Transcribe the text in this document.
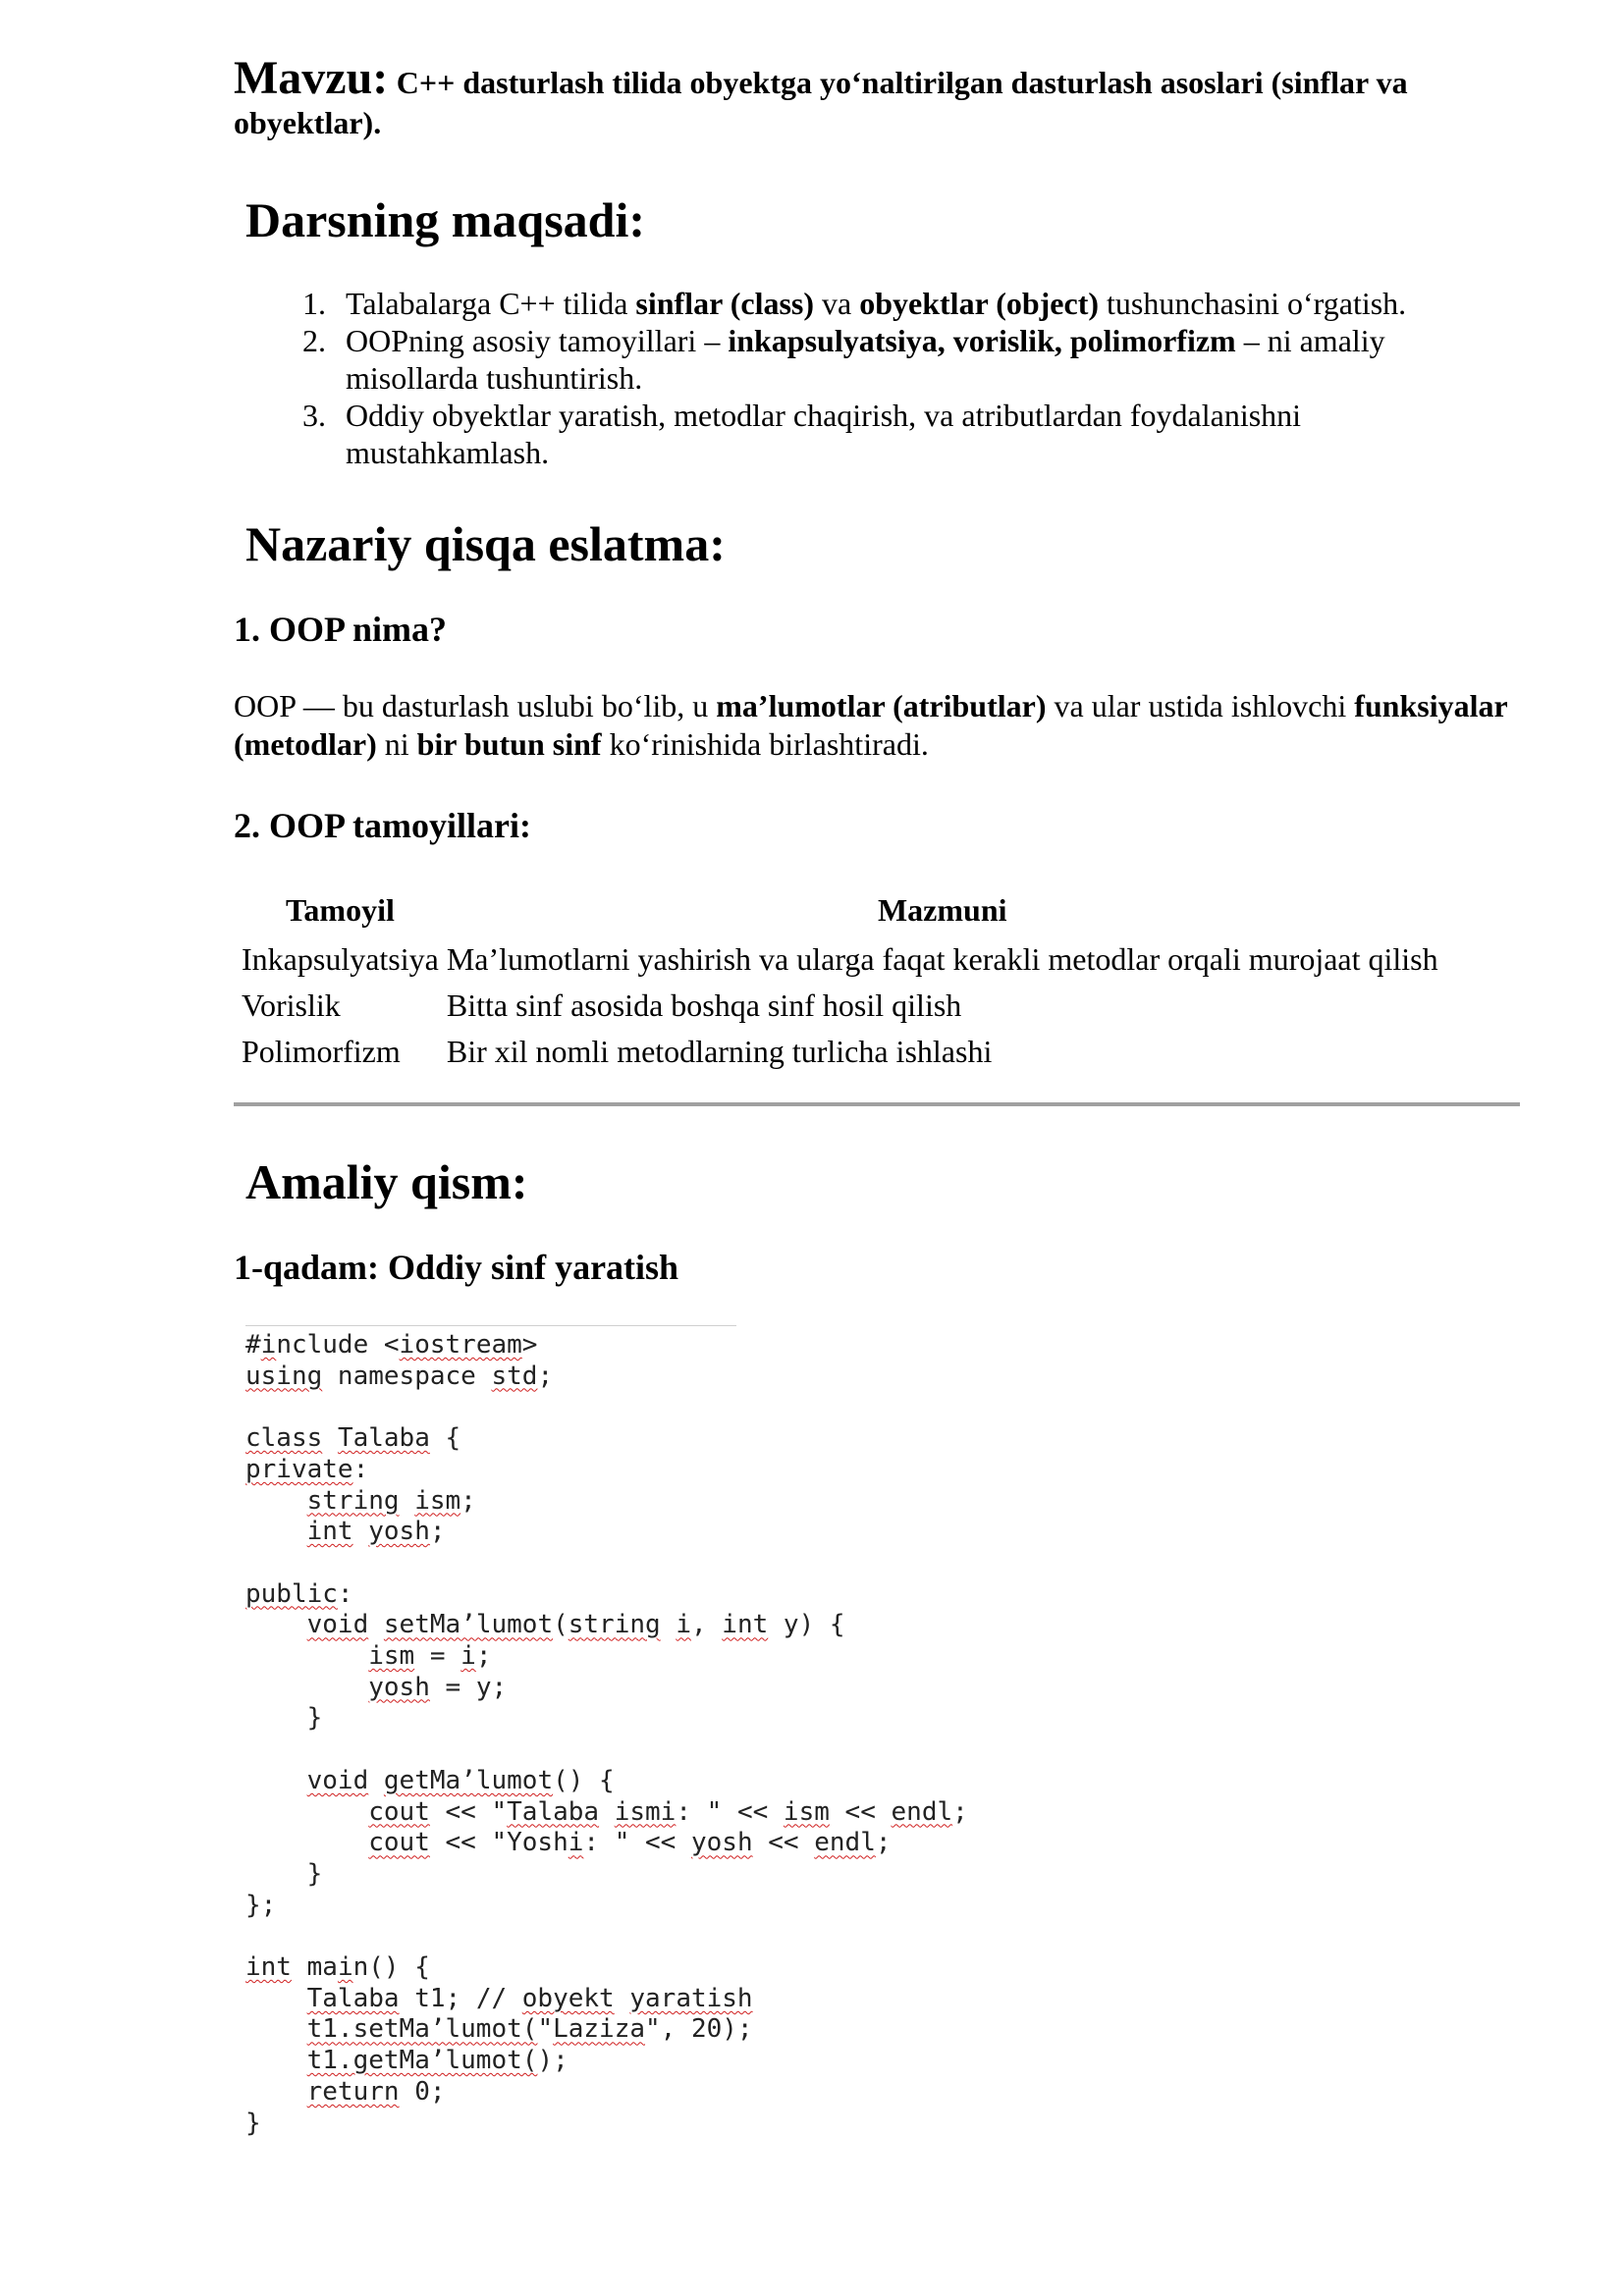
Mavzu: C++ dasturlash tilida obyektga yo‘naltirilgan dasturlash asoslari (sinflar va obyektlar).
Darsning maqsadi:
1. Talabalarga C++ tilida sinflar (class) va obyektlar (object) tushunchasini o‘rgatish.
2. OOPning asosiy tamoyillari – inkapsulyatsiya, vorislik, polimorfizm – ni amaliy misollarda tushuntirish.
3. Oddiy obyektlar yaratish, metodlar chaqirish, va atributlardan foydalanishni mustahkamlash.
Nazariy qisqa eslatma:
1. OOP nima?
OOP — bu dasturlash uslubi bo‘lib, u ma’lumotlar (atributlar) va ular ustida ishlovchi funksiyalar (metodlar) ni bir butun sinf ko‘rinishida birlashtiradi.
2. OOP tamoyillari:
Tamoyil	Mazmuni
Inkapsulyatsiya	Ma’lumotlarni yashirish va ularga faqat kerakli metodlar orqali murojaat qilish
Vorislik	Bitta sinf asosida boshqa sinf hosil qilish
Polimorfizm	Bir xil nomli metodlarning turlicha ishlashi
Amaliy qism:
1-qadam: Oddiy sinf yaratish
#include <iostream>
using namespace std;

class Talaba {
private:
string ism;
int yosh;

public:
void setMa’lumot(string i, int y) {
ism = i;
yosh = y;
}

void getMa’lumot() {
cout << "Talaba ismi: " << ism << endl;
cout << "Yoshi: " << yosh << endl;
}
};

int main() {
Talaba t1; // obyekt yaratish
t1.setMa’lumot("Laziza", 20);
t1.getMa’lumot();
return 0;
}
